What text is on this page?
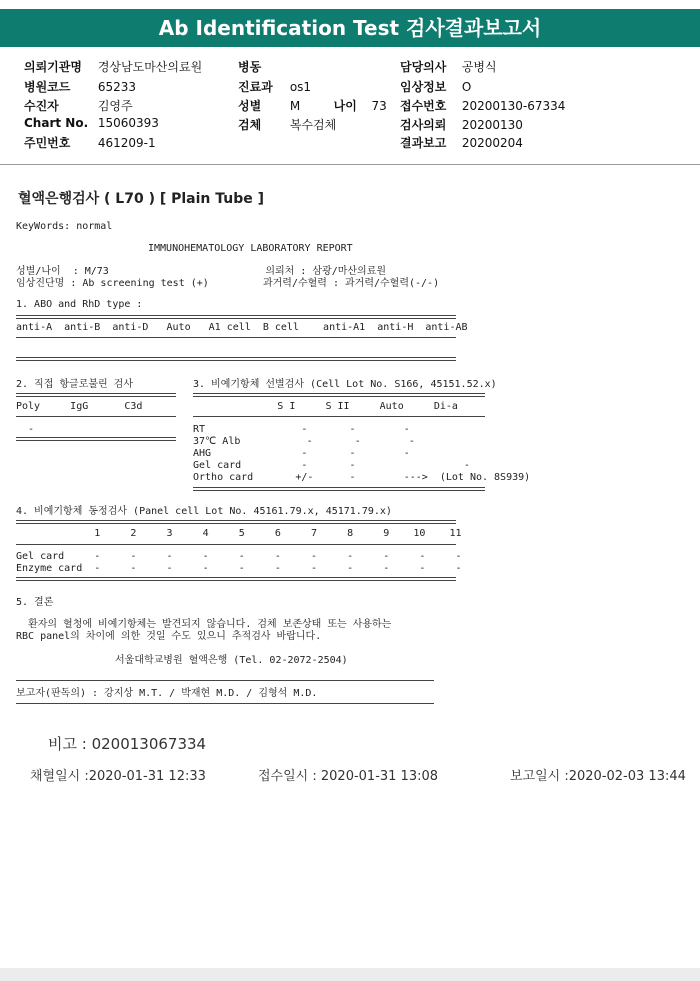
Ab Identification Test 검사결과보고서
의뢰기관명 경상남도마산의료원
병원코드 65233
수진자	김영주
Chart No. 15060393
주민번호 461209-1
병동
진료과 os1
성별 M	나이 73
검체 복수검체
담당의사 공병식
임상정보 O
접수번호 20200130-67334
검사의뢰 20200130
결과보고 20200204
혈액은행검사 ( L70 ) [ Plain Tube ]
KeyWords: normal
IMMUNOHEMATOLOGY LABORATORY REPORT
성별/나이  : M/73                          의뢰처 : 삼광/마산의료원
임상진단명 : Ab screening test (+)         과거력/수혈력 : 과거력/수혈력(-/-)
1. ABO and RhD type :
anti-A  anti-B  anti-D   Auto   A1 cell  B cell    anti-A1  anti-H  anti-AB
2. 직접 항글로불린 검사
Poly     IgG      C3d
-
3. 비예기항체 선별검사 (Cell Lot No. S166, 45151.52.x)
S I     S II     Auto     Di-a
RT                -       -        -
37℃ Alb           -       -        -
AHG               -       -        -
Gel card          -       -                  -
Ortho card       +/-      -        --->  (Lot No. 8S939)
4. 비예기항체 동정검사 (Panel cell Lot No. 45161.79.x, 45171.79.x)
1     2     3     4     5     6     7     8     9    10    11
Gel card     -     -     -     -     -     -     -     -     -     -     -
Enzyme card  -     -     -     -     -     -     -     -     -     -     -
5. 결론
환자의 혈청에 비예기항체는 발견되지 않습니다. 검체 보존상태 또는 사용하는
RBC panel의 차이에 의한 것일 수도 있으니 추적검사 바랍니다.
서울대학교병원 혈액은행 (Tel. 02-2072-2504)
보고자(판독의) : 강지상 M.T. / 박재현 M.D. / 김형석 M.D.
비고 : 020013067334
채혈일시 :2020-01-31 12:33	접수일시 : 2020-01-31 13:08	보고일시 :2020-02-03 13:44
